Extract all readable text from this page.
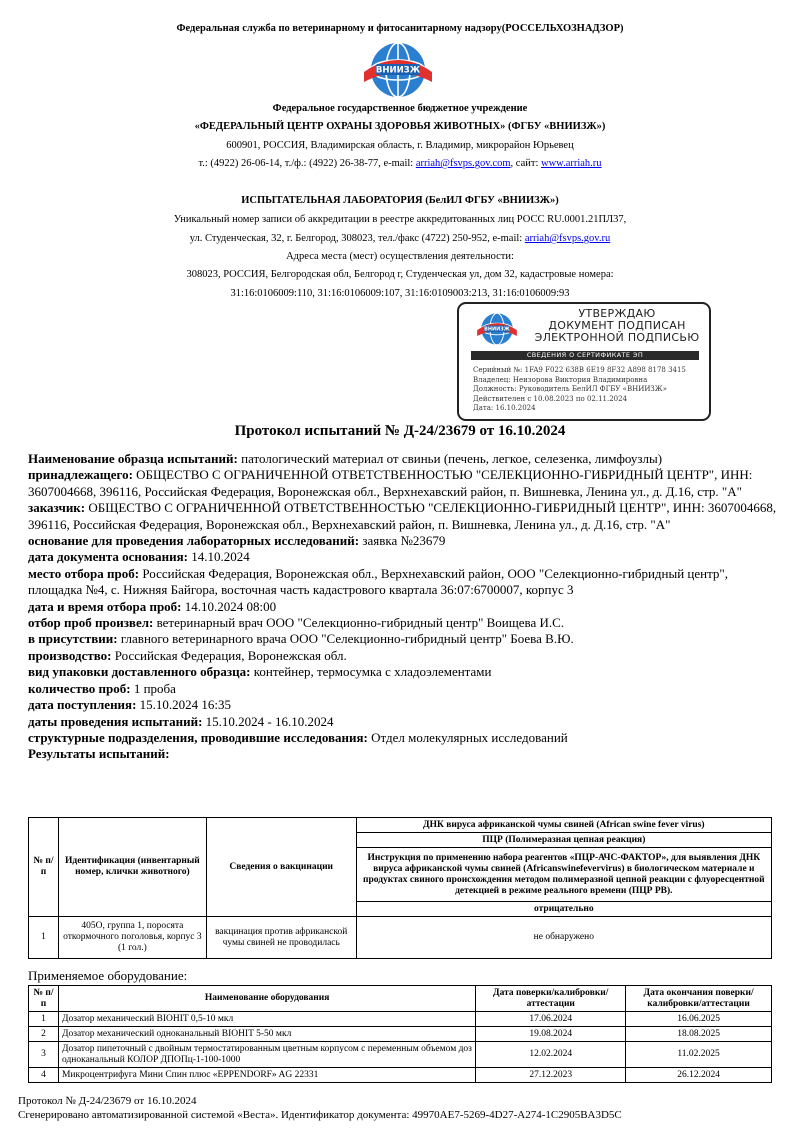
Федеральная служба по ветеринарному и фитосанитарному надзору(РОССЕЛЬХОЗНАДЗОР)
ВНИИЗЖ
Федеральное государственное бюджетное учреждение
«ФЕДЕРАЛЬНЫЙ ЦЕНТР ОХРАНЫ ЗДОРОВЬЯ ЖИВОТНЫХ» (ФГБУ «ВНИИЗЖ»)
600901, РОССИЯ, Владимирская область, г. Владимир, микрорайон Юрьевец
т.: (4922) 26-06-14, т./ф.: (4922) 26-38-77, e-mail: arriah@fsvps.gov.com, сайт: www.arriah.ru
ИСПЫТАТЕЛЬНАЯ ЛАБОРАТОРИЯ (БелИЛ ФГБУ «ВНИИЗЖ»)
Уникальный номер записи об аккредитации в реестре аккредитованных лиц РОСС RU.0001.21ПЛ37,
ул. Студенческая, 32, г. Белгород, 308023, тел./факс (4722) 250-952, e-mail: arriah@fsvps.gov.ru
Адреса места (мест) осуществления деятельности:
308023, РОССИЯ, Белгородская обл, Белгород г, Студенческая ул, дом 32, кадастровые номера:
31:16:0106009:110, 31:16:0106009:107, 31:16:0109003:213, 31:16:0106009:93
ВНИИЗЖ
УТВЕРЖДАЮ
ДОКУМЕНТ ПОДПИСАН
ЭЛЕКТРОННОЙ ПОДПИСЬЮ
СВЕДЕНИЯ О СЕРТИФИКАТЕ ЭП
Серийный №: 1FA9 F022 638B 6E19 8F32 A898 8178 3415
Владелец: Неизорова Виктория Владимировна
Должность: Руководитель БелИЛ ФГБУ «ВНИИЗЖ»
Действителен с 10.08.2023 по 02.11.2024
Дата: 16.10.2024
Протокол испытаний № Д-24/23679 от 16.10.2024

Наименование образца испытаний: патологический материал от свиньи (печень, легкое, селезенка, лимфоузлы)

принадлежащего: ОБЩЕСТВО С ОГРАНИЧЕННОЙ ОТВЕТСТВЕННОСТЬЮ "СЕЛЕКЦИОННО-ГИБРИДНЫЙ ЦЕНТР", ИНН: 3607004668, 396116, Российская Федерация, Воронежская обл., Верхнехавский район, п. Вишневка, Ленина ул., д. Д.16, стр. "А"

заказчик: ОБЩЕСТВО С ОГРАНИЧЕННОЙ ОТВЕТСТВЕННОСТЬЮ "СЕЛЕКЦИОННО-ГИБРИДНЫЙ ЦЕНТР", ИНН: 3607004668, 396116, Российская Федерация, Воронежская обл., Верхнехавский район, п. Вишневка, Ленина ул., д. Д.16, стр. "А"

основание для проведения лабораторных исследований: заявка №23679

дата документа основания: 14.10.2024

место отбора проб: Российская Федерация, Воронежская обл., Верхнехавский район, ООО "Селекционно-гибридный центр", площадка №4, с. Нижняя Байгора, восточная часть кадастрового квартала 36:07:6700007, корпус 3

дата и время отбора проб: 14.10.2024 08:00

отбор проб произвел: ветеринарный врач ООО "Селекционно-гибридный центр" Воищева И.С.

в присутствии: главного ветеринарного врача ООО "Селекционно-гибридный центр" Боева В.Ю.

производство: Российская Федерация, Воронежская обл.

вид упаковки доставленного образца: контейнер, термосумка с хладоэлементами

количество проб: 1 проба

дата поступления: 15.10.2024 16:35

даты проведения испытаний: 15.10.2024 - 16.10.2024

структурные подразделения, проводившие исследования: Отдел молекулярных исследований

Результаты испытаний:

№ п/п	Идентификация (инвентарный номер, клички животного)	Сведения о вакцинации	ДНК вируса африканской чумы свиней (African swine fever virus)
			ПЦР (Полимеразная цепная реакция)
			Инструкция по применению набора реагентов «ПЦР-АЧС-ФАКТОР», для выявления ДНК вируса африканской чумы свиней (Africanswinefevervirus) в биологическом материале и продуктах свиного происхождения методом полимеразной цепной реакции с флуоресцентной детекцией в режиме реального времени (ПЦР РВ).
			отрицательно
1	405О, группа 1, поросята откормочного поголовья, корпус 3 (1 гол.)	вакцинация против африканской чумы свиней не проводилась	не обнаружено
Применяемое оборудование:
№ п/п	Наименование оборудования	Дата поверки/калибровки/аттестации	Дата окончания поверки/калибровки/аттестации
1	Дозатор механический BIOHIT 0,5-10 мкл	17.06.2024	16.06.2025
2	Дозатор механический одноканальный BIOHIT 5-50 мкл	19.08.2024	18.08.2025
3	Дозатор пипеточный с двойным термостатированным цветным корпусом с переменным объемом доз одноканальный КОЛОР ДПОПц-1-100-1000	12.02.2024	11.02.2025
4	Микроцентрифуга Мини Спин плюс «EPPENDORF» AG 22331	27.12.2023	26.12.2024
Протокол № Д-24/23679 от 16.10.2024
Сгенерировано автоматизированной системой «Веста». Идентификатор документа: 49970AE7-5269-4D27-A274-1C2905BA3D5C
